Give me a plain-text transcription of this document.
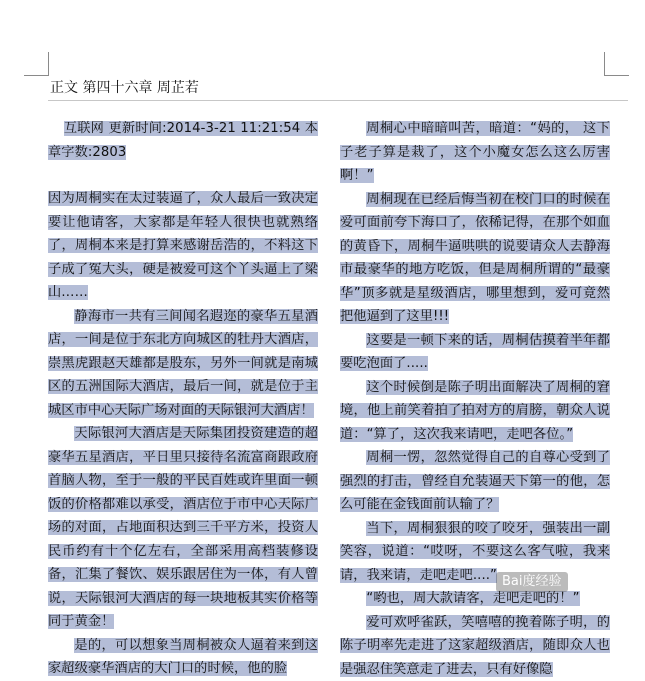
正文 第四十六章 周芷若

互联网 更新时间:2014-3-21 11:21:54 本章字数:2803

因为周桐实在太过装逼了，众人最后一致决定要让他请客，大家都是年轻人很快也就熟络了，周桐本来是打算来感谢岳浩的，不料这下子成了冤大头，硬是被爱可这个丫头逼上了梁山……

静海市一共有三间闻名遐迩的豪华五星酒店，一间是位于东北方向城区的牡丹大酒店，崇黑虎跟赵天雄都是股东，另外一间就是南城区的五洲国际大酒店，最后一间，就是位于主城区市中心天际广场对面的天际银河大酒店！

天际银河大酒店是天际集团投资建造的超豪华五星酒店，平日里只接待名流富商跟政府首脑人物，至于一般的平民百姓或许里面一顿饭的价格都难以承受，酒店位于市中心天际广场的对面，占地面积达到三千平方米，投资人民币约有十个亿左右，全部采用高档装修设备，汇集了餐饮、娱乐跟居住为一体，有人曾说，天际银河大酒店的每一块地板其实价格等同于黄金！

是的，可以想象当周桐被众人逼着来到这家超级豪华酒店的大门口的时候，他的脸

周桐心中暗暗叫苦，暗道：“妈的， 这下子老子算是栽了，这个小魔女怎么这么厉害啊！”

周桐现在已经后悔当初在校门口的时候在爱可面前夸下海口了，依稀记得，在那个如血的黄昏下，周桐牛逼哄哄的说要请众人去静海市最豪华的地方吃饭，但是周桐所谓的“最豪华”顶多就是星级酒店，哪里想到，爱可竟然把他逼到了这里!!!

这要是一顿下来的话，周桐估摸着半年都要吃泡面了.....

这个时候倒是陈子明出面解决了周桐的窘境，他上前笑着拍了拍对方的肩膀，朝众人说道：“算了，这次我来请吧，走吧各位。”

周桐一愣，忽然觉得自己的自尊心受到了强烈的打击，曾经自允装逼天下第一的他，怎么可能在金钱面前认输了？

当下，周桐狠狠的咬了咬牙，强装出一副笑容，说道：“哎呀，不要这么客气啦，我来请，我来请，走吧走吧....”

“哟也，周大款请客，走吧走吧的！”

爱可欢呼雀跃，笑嘻嘻的挽着陈子明，的陈子明率先走进了这家超级酒店，随即众人也是强忍住笑意走了进去，只有好像隐

Bai度经验
